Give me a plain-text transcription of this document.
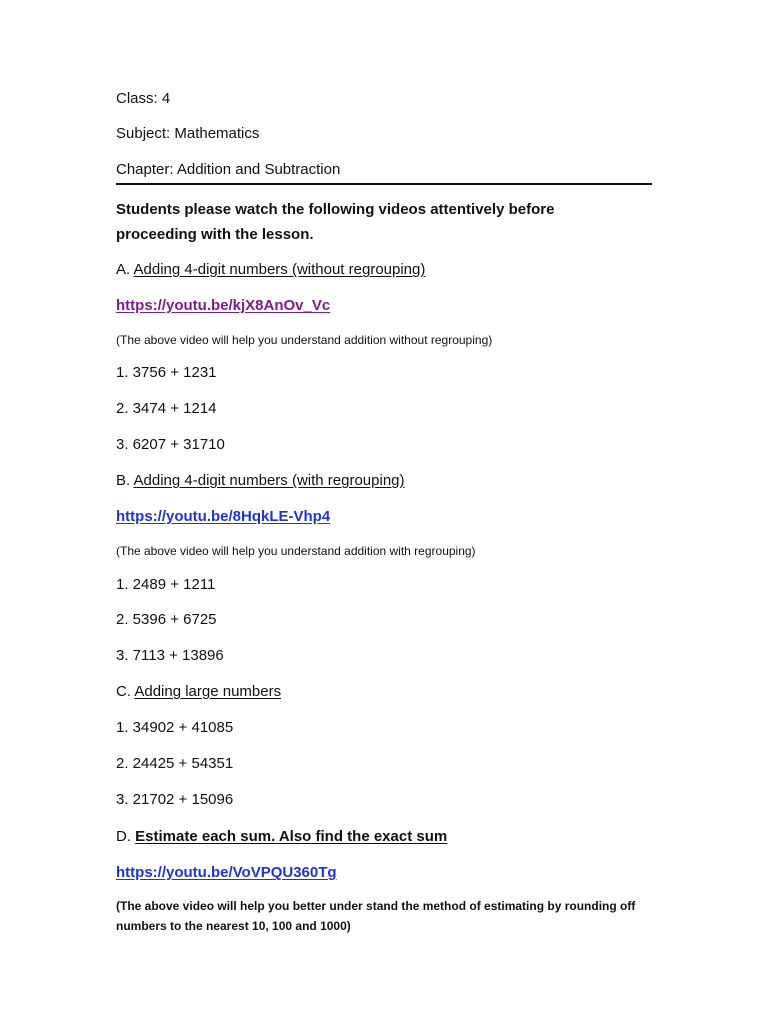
Class: 4
Subject: Mathematics
Chapter: Addition and Subtraction
Students please watch the following videos attentively before
proceeding with the lesson.
A. Adding 4-digit numbers (without regrouping)
https://youtu.be/kjX8AnOv_Vc
(The above video will help you understand addition without regrouping)
1. 3756 + 1231
2. 3474 + 1214
3. 6207 + 31710
B. Adding 4-digit numbers (with regrouping)
https://youtu.be/8HqkLE-Vhp4
(The above video will help you understand addition with regrouping)
1. 2489 + 1211
2. 5396 + 6725
3. 7113 + 13896
C. Adding large numbers
1. 34902 + 41085
2. 24425 + 54351
3. 21702 + 15096
D. Estimate each sum. Also find the exact sum
https://youtu.be/VoVPQU360Tg
(The above video will help you better under stand the method of estimating by rounding off
numbers to the nearest 10, 100 and 1000)
